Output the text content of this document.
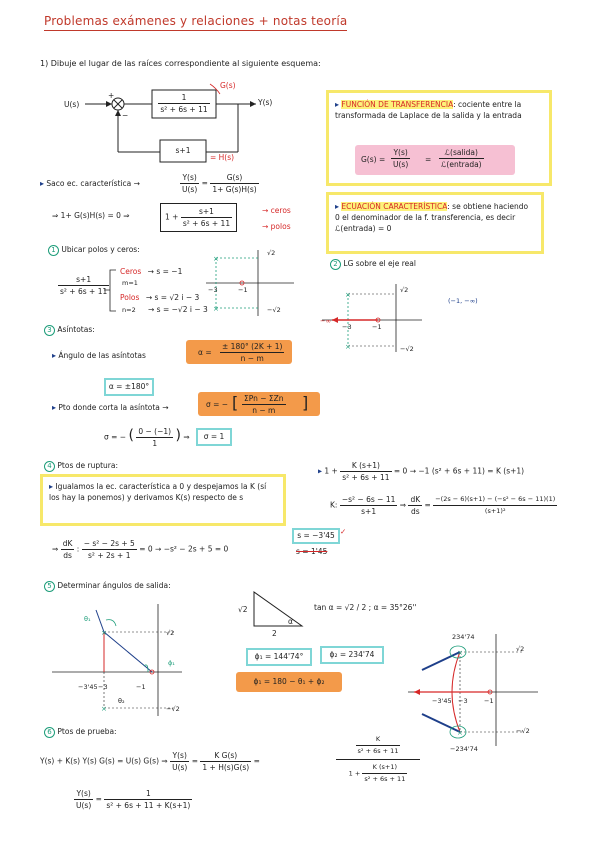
Problemas exámenes y relaciones + notas teoría
1) Dibuje el lugar de las raíces correspondiente al siguiente esquema:
U(s)	Y(s)
+
−
$\frac{1}{\text{s² + 6s + 11}}$
s+1
G(s)
= H(s)
▸ FUNCIÓN DE TRANSFERENCIA: cociente entre la transformada de Laplace de la salida y la entrada
$G(s) = \frac{Y(s)}{U(s)}$ =
ℒ(salida)
ℒ(entrada)
▸ Saco ec. característica →	$\frac{Y(s)}{U(s)} = \frac{G(s)}{1+ G(s)H(s)}$
⇒ 1+ G(s)H(s) = 0 ⇒	$1 + \frac{s+1}{\text{s² + 6s + 11}}$	→ ceros
→ polos
▸ ECUACIÓN CARACTERÍSTICA: se obtiene haciendo 0 el denominador de la f. transferencia, es decir ℒ(entrada) = 0
1 Ubicar polos y ceros:
$\frac{s+1}{\text{s² + 6s + 11}}$
Ceros → s = −1
m=1
Polos → s = √2 i − 3
n=2 → s = −√2 i − 3
×
×
√2
−√2
−3	−1
2 LG sobre el eje real
×
×
−∞
−3	−1
√2
−√2
(−1, −∞)
3 Asíntotas:
▸ Ángulo de las asíntotas	$\alpha = \frac{\pm 180^\circ (2K + 1)}{n - m}$
α = ±180°
▸ Pto donde corta la asíntota →	σ = − [ ΣPn − ΣZn
n − m	]
σ = − ( $\frac{0 - (-1)}{1}$ ) ⇒	σ = 1
4 Ptos de ruptura:
▸ Igualamos la ec. característica a 0 y despejamos la K (sí los hay la ponemos) y derivamos K(s) respecto de s
▸ $1 + \frac{K (s+1)}{\text{s² + 6s + 11}} = 0 \to -1$ (s² + 6s + 11) = K (s+1)
K: $\frac{\text{−s² − 6s − 11}}{s+1}$ ⇒ $\frac{dK}{ds} = \frac{\text{−(2s − 6)(s+1) − (−s² − 6s − 11)(1)}}{\text{(s+1)²}}$
⇒ $\frac{dK}{ds}$ : $\frac{\text{− s² − 2s + 5}}{\text{s² + 2s + 1}} = 0 \to -s^2 - 2s + 5 = 0$
s = −3'45 ✓
s = 1'45
5 Determinar ángulos de salida:
×
×
θ₁
θ₂
ϕ₁
√2
−√2
−3'45 −3	−1
√2
2
α
tan α = √2 / 2 ; α = 35°26''
ϕ₁ = 144'74°	ϕ₂ = 234'74
ϕ₁ = 180 − θ₁ + ϕ₂
×
×
234'74
−234'74
√2
−√2
−3'45 −3	−1
6 Ptos de prueba:
Y(s) + K(s) Y(s) G(s) = U(s) G(s) ⇒ $\frac{Y(s)}{U(s)} = \frac{\text{K G(s)}}{1 + H(s)G(s)}$ =
$\frac{K}{\text{s² + 6s + 11}}$
$1 + \frac{K (s+1)}{\text{s² + 6s + 11}}$
$\frac{Y(s)}{U(s)} = \frac{1}{\text{s² + 6s + 11 + K(s+1)}}$
